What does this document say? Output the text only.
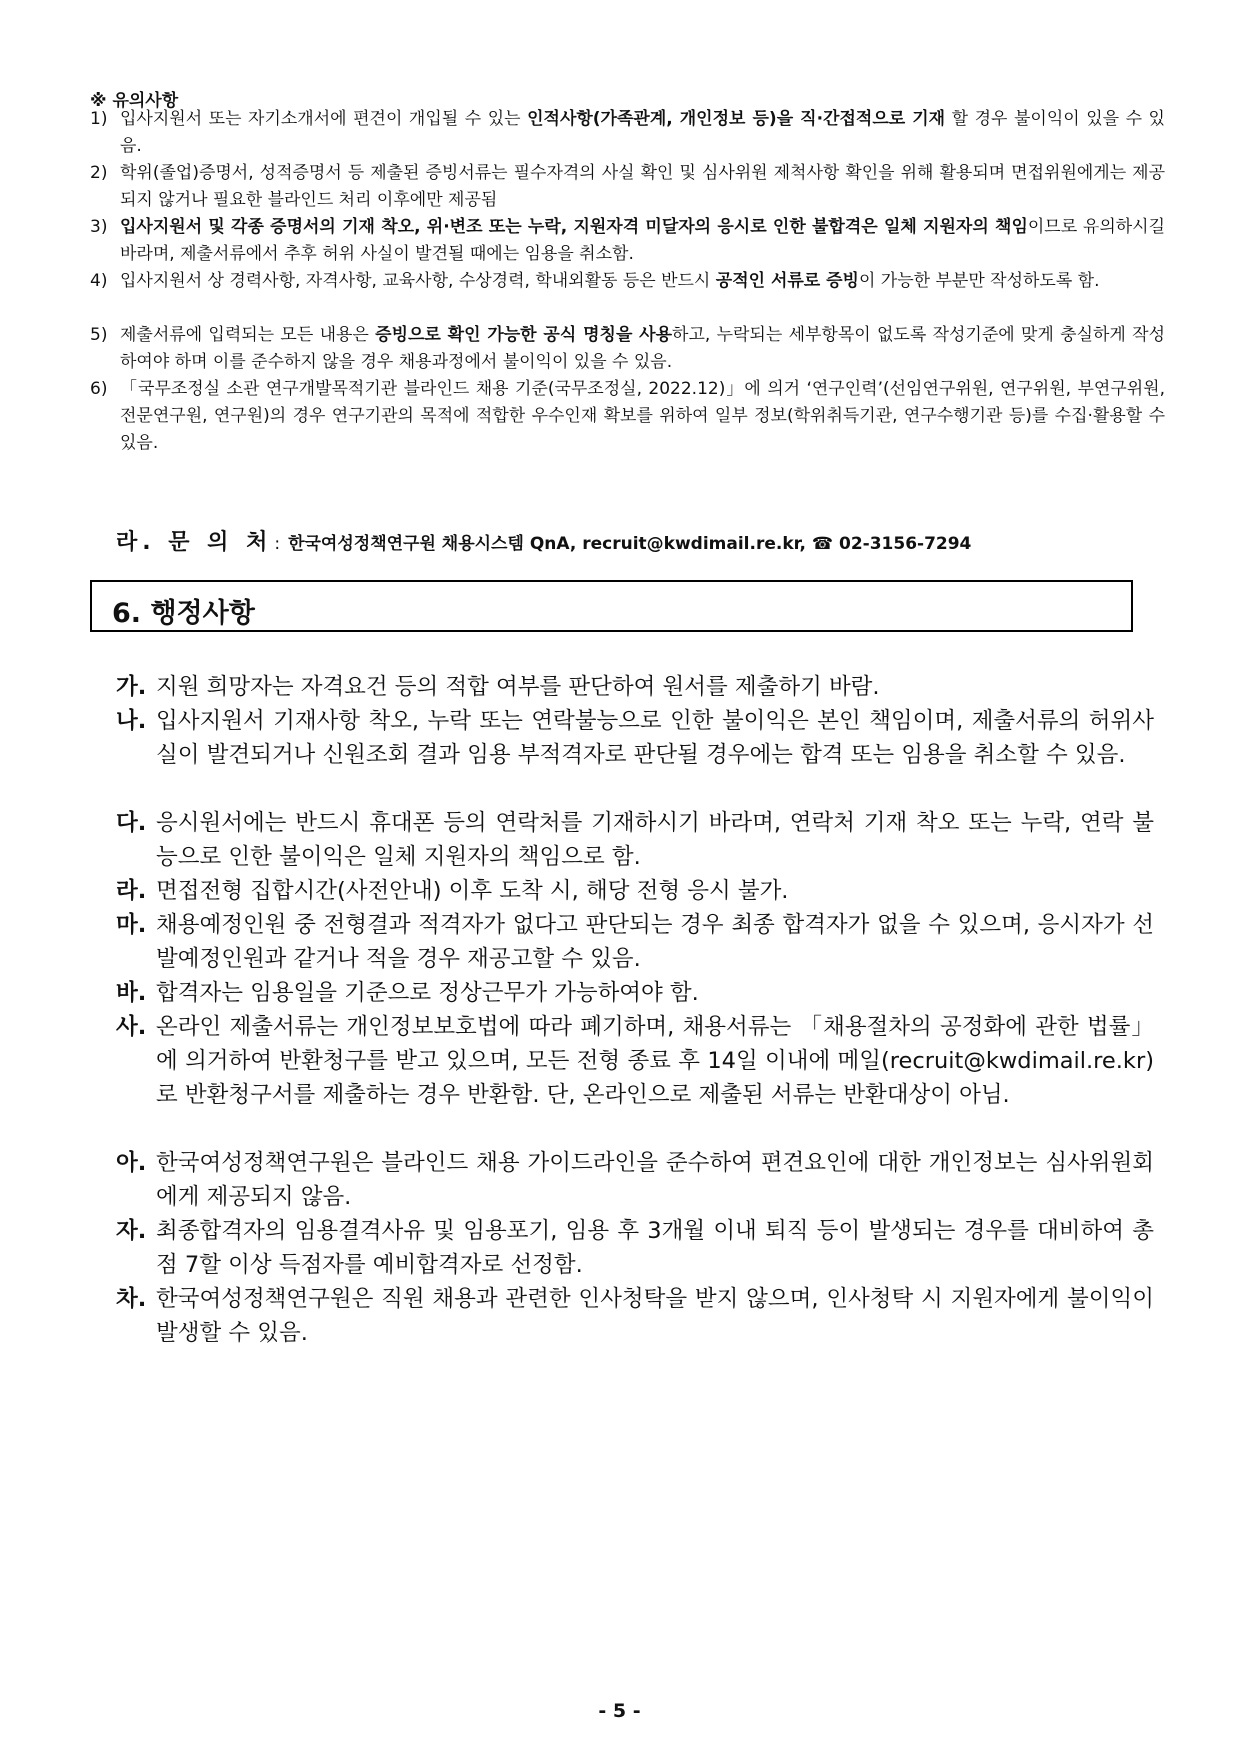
※ 유의사항
1) 입사지원서 또는 자기소개서에 편견이 개입될 수 있는 인적사항(가족관계, 개인정보 등)을 직·간접적으로 기재 할 경우 불이익이 있을 수 있음.
2) 학위(졸업)증명서, 성적증명서 등 제출된 증빙서류는 필수자격의 사실 확인 및 심사위원 제척사항 확인을 위해 활용되며 면접위원에게는 제공되지 않거나 필요한 블라인드 처리 이후에만 제공됨
3) 입사지원서 및 각종 증명서의 기재 착오, 위·변조 또는 누락, 지원자격 미달자의 응시로 인한 불합격은 일체 지원자의 책임이므로 유의하시길 바라며, 제출서류에서 추후 허위 사실이 발견될 때에는 임용을 취소함.
4) 입사지원서 상 경력사항, 자격사항, 교육사항, 수상경력, 학내외활동 등은 반드시 공적인 서류로 증빙이 가능한 부분만 작성하도록 함.
5) 제출서류에 입력되는 모든 내용은 증빙으로 확인 가능한 공식 명칭을 사용하고, 누락되는 세부항목이 없도록 작성기준에 맞게 충실하게 작성하여야 하며 이를 준수하지 않을 경우 채용과정에서 불이익이 있을 수 있음.
6) 「국무조정실 소관 연구개발목적기관 블라인드 채용 기준(국무조정실, 2022.12)」에 의거 ‘연구인력’(선임연구위원, 연구위원, 부연구위원, 전문연구원, 연구원)의 경우 연구기관의 목적에 적합한 우수인재 확보를 위하여 일부 정보(학위취득기관, 연구수행기관 등)를 수집·활용할 수 있음.
라. 문 의 처 : 한국여성정책연구원 채용시스템 QnA, recruit@kwdimail.re.kr, ☎ 02-3156-7294
6. 행정사항
가. 지원 희망자는 자격요건 등의 적합 여부를 판단하여 원서를 제출하기 바람.
나. 입사지원서 기재사항 착오, 누락 또는 연락불능으로 인한 불이익은 본인 책임이며, 제출서류의 허위사실이 발견되거나 신원조회 결과 임용 부적격자로 판단될 경우에는 합격 또는 임용을 취소할 수 있음.
다. 응시원서에는 반드시 휴대폰 등의 연락처를 기재하시기 바라며, 연락처 기재 착오 또는 누락, 연락 불능으로 인한 불이익은 일체 지원자의 책임으로 함.
라. 면접전형 집합시간(사전안내) 이후 도착 시, 해당 전형 응시 불가.
마. 채용예정인원 중 전형결과 적격자가 없다고 판단되는 경우 최종 합격자가 없을 수 있으며, 응시자가 선발예정인원과 같거나 적을 경우 재공고할 수 있음.
바. 합격자는 임용일을 기준으로 정상근무가 가능하여야 함.
사. 온라인 제출서류는 개인정보보호법에 따라 폐기하며, 채용서류는 「채용절차의 공정화에 관한 법률」에 의거하여 반환청구를 받고 있으며, 모든 전형 종료 후 14일 이내에 메일(recruit@kwdimail.re.kr)로 반환청구서를 제출하는 경우 반환함. 단, 온라인으로 제출된 서류는 반환대상이 아님.
아. 한국여성정책연구원은 블라인드 채용 가이드라인을 준수하여 편견요인에 대한 개인정보는 심사위원회에게 제공되지 않음.
자. 최종합격자의 임용결격사유 및 임용포기, 임용 후 3개월 이내 퇴직 등이 발생되는 경우를 대비하여 총점 7할 이상 득점자를 예비합격자로 선정함.
차. 한국여성정책연구원은 직원 채용과 관련한 인사청탁을 받지 않으며, 인사청탁 시 지원자에게 불이익이 발생할 수 있음.
- 5 -
